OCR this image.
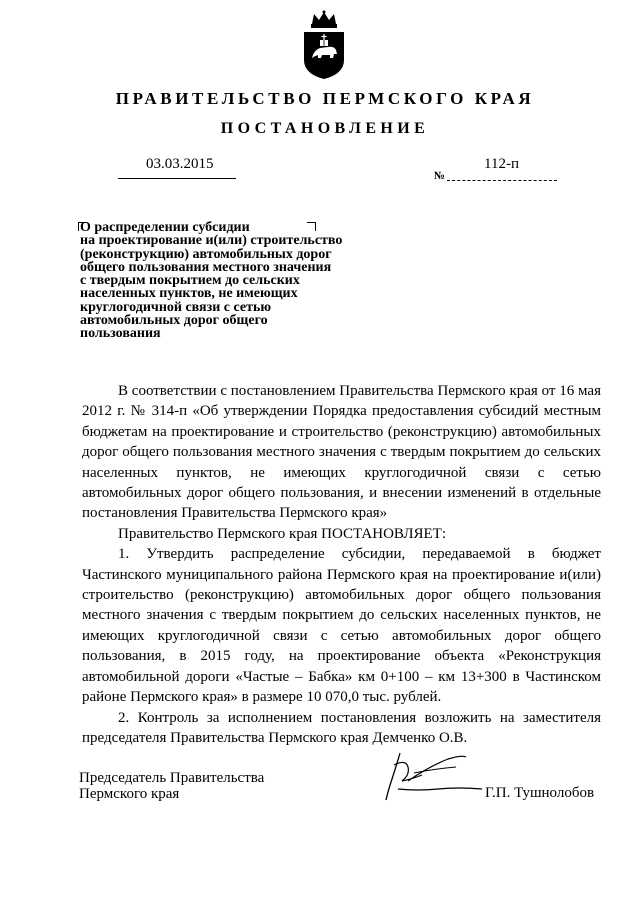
ПРАВИТЕЛЬСТВО ПЕРМСКОГО КРАЯ
ПОСТАНОВЛЕНИЕ
03.03.2015
№
112-п
О распределении субсидии
на проектирование и(или) строительство
(реконструкцию) автомобильных дорог
общего пользования местного значения
с твердым покрытием до сельских
населенных пунктов, не имеющих
круглогодичной связи с сетью
автомобильных дорог общего
пользования

В соответствии с постановлением Правительства Пермского края от 16 мая 2012 г. № 314-п «Об утверждении Порядка предоставления субсидий местным бюджетам на проектирование и строительство (реконструкцию) автомобильных дорог общего пользования местного значения с твердым покрытием до сельских населенных пунктов, не имеющих круглогодичной связи с сетью автомобильных дорог общего пользования, и внесении изменений в отдельные постановления Правительства Пермского края»

Правительство Пермского края ПОСТАНОВЛЯЕТ:

1. Утвердить распределение субсидии, передаваемой в бюджет Частинского муниципального района Пермского края на проектирование и(или) строительство (реконструкцию) автомобильных дорог общего пользования местного значения с твердым покрытием до сельских населенных пунктов, не имеющих круглогодичной связи с сетью автомобильных дорог общего пользования, в 2015 году, на проектирование объекта «Реконструкция автомобильной дороги «Частые – Бабка» км 0+100 – км 13+300 в Частинском районе Пермского края» в размере 10 070,0 тыс. рублей.

2. Контроль за исполнением постановления возложить на заместителя председателя Правительства Пермского края Демченко О.В.

Председатель Правительства
Пермского края	Г.П. Тушнолобов
